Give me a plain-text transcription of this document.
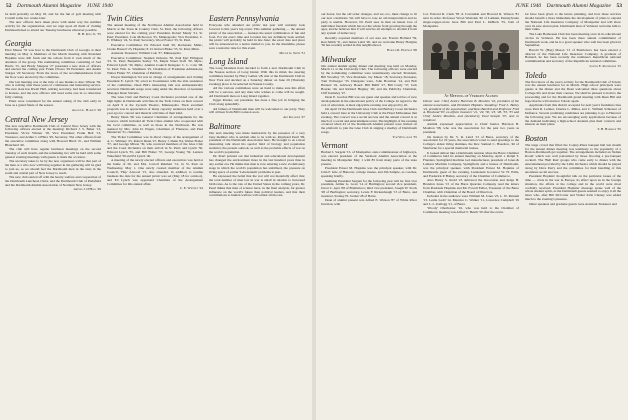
52 Dartmouth Alumni Magazine JUNE 1940

be held probably on May 18, and for the fun of golf meeting with Cornell some two weeks later.

The new officers have taken place with under way the summer activity for the organization, and we urge upon all them of visiting Dartmouth men to attend our Tuesday luncheons wherever possible.

H. B. King Jr. '35

Georgia

Eliot Mason '32 was host to the Dartmouth Club of Georgia at their meeting on May 4. Members of the March meeting with President Hopkins were still fresh and the echoes from it took much of the attention of the group. The nominating committee consisting of Joel Harris '15, and Brady Sturgess '27 presented a new slate of officers and elected the coming year Frank O'Gara '29 President, and Austin Sturges '29 Secretary. From the doors of the recommendations from the floor were elected by the committee.

Our last meeting was at the twin of one thanks to Alec Wilson '39, who is retiring after these years of continuous and interesting service. The new slate has Dwell Hall, retiring secretary, had been transferred to Kansas, and the new officers will need some one in so otherwise fully coming.

Plans were considered for the annual outing of the club early in June as a grand finale of the season.

Allison L. Harrett '29

Central New Jersey

The new executive Dartmouth Club of Central New Jersey with the following officers elected at the meeting: Richard J. S. Baker '13, President; Victor Winner '18, Vice President; Frank Bell '13, Treasurer, and Arthur J. O'Hara '29, Secretary. The other officers from the executive committee along with Howard Hitch '21, and William Blanchard '40.

The club will have regular luncheon meetings on the second Tuesday of each month, and the remaining two will be held with some general evening meetings with guests to mark the occasion.

The secretary takes to be by the new organizers will be that part of the men or a who now will bring together in the gathering will be glad to join us, as we should feel the Dartmouth men in the state in the south and central part of New Jersey to reach.

The new club started off with the hearty welfare and cooperation of the Dartmouth Luncheon Clubs, and the Dartmouth Club of Plainfield and the Dartmouth Alumni Association of Northern New Jersey.

Arthur J. O'Hara '29

Twin Cities

The annual meeting of the Northwest Alumni Association held in March at the Town & Country Club, St. Paul, the following officers were elected for the coming year: President, Robert Mealy '21, St. Paul; President, Cole McKeown '25, Minneapolis; Vice President, C. E. Whitney '24, St. Paul; Secretary, Wood Foster '33, St. Paul.

Executive Committee: Dr. Edward Judd '20, Rochester, Minn.; Clarke Bassett '25, Hopkins; E. D. Robert Bloke '35, St. Paul, Minn.

Assistant Treasurer: William Cole '37, Minneapolis.

Executive Committee: Stephen Osborne '30, Paul Earl Ellingson '23, St. Paul; Benjamin Seeley '33, Maple Street Staff '30, Mpls.; Edward Lynch '30, Mpls.; Alumni Council Delegate: C. L. Cole '08, St. Paul; Wm. G. Washburn '25, Chairman of Freshman Admissions; Walter Fisher '37, Chairman of Publicity.

Dwyer Remington '04 was in charge of arrangements and visiting President E. Lynch '30, acted as Toastmaster with the able assistance of the committee. Dean Bill's interesting talk was enthusiastically received. Dartmouth songs were sung under the direction of Assistant Manager Dean Stevens.

The Glee Club and Barbary Coast Orchestra provided one of the high lights in Dartmouth activities in the Twin Cities on their concert on April 9 at the Lyceum Theatre, Minneapolis. Their excellent program was in appreciation of many capacity audiences held over a year ago for concert and musical activities of their kind.

Henry Dunn '06 was General Chairman of arrangements for the Concert, which included all Twin Cities alumni who cooperated with the local committee, as well as those in the Northwest. He was assisted by Mrs. John D. Engen, Chairman of Finances, and Paul Dunnavan '31, chairman.

The Ticket Committee was in direct charge of the arrangement of A. C. Whitney '25, Robert Dunn '27, Henry J. Dunn '04, Walter Fisher '37, and George Mixon '39, who received members of the Glee Club and the Coast Orchestra on their arrival in St. Paul; and Lynch '30, Edward Lynch '35, and Bill Fisher '37, George Young '39, Lennox Wakefield '39 and Ed Lynch '40.

A meeting of the newly elected officers and executives was held at the home of Dr. and Mrs. Carroll Reinhart '12, in St. Paul on Wednesday, May 1. One newly created member of the Alumni Council, 'Hap' Atwood '15, also attended. In addition to routine business the date for the annual picnic was set (May 18 for outdoor), and Ed Lynch was appointed Chairman of the Arrangement Committee for this annual affair.

C. E. Whitney '24

Eastern Pennsylvania

Everyone who attended our picnic last year will certainly look forward to this year's big event. This summer gathering — the annual picnic of the association — features the usual combination of fun and food. For the exact time and location has not definitely been settled; the picnic will probably be held in late June; the exact date and place will be announced in a notice mailed to you. In the meantime, please save a tentative date for this event.

Melvin G. Smith '31

Long Island

The Long Islanders have decided to form a new Dartmouth Club in the Nassau section of Long Island. With this in mind, the steering committee headed by Harry Gallen '28, met at the Dartmouth Club in New York and decided on a Saturday dinner on June 29 (Thursday evening) place to be selected in Nassau County.

All the various committees were on hand to make sure this affair will be a success, and any man who wishes to come will be sought. All Dartmouth men on Long Island together.

Jigger Pender, our president, has done a fine job in bringing the Club along splendidly.

All fathers of Dartmouth men will be welcomed to our party. They will all hear from Bill Cookson soon.

Art Kelleher '27

Baltimore

Our next meeting was made memorable by the presence of a very busy member who is seldom able to be with us, Raymond Pearl '99, president of the Dartmouth Association here. He brought to us a most interesting talk about his special field of biology and population statistics; the present outlook, as well as the probable effects of war on the world's population.

Dr. Pearl pointed out that industrial and educational development has changed the environment more in the last hundred years than in any earlier era. He thinks that man is now entering a new evolutionary stage in which the world's population has stabilized, the pressure on living space of earlier 'Lebensraum' problems is past.

He expressed the belief that the war will not materially affect this; the total number of men lost in war is small in relation to increased birth rates. As to the role of the United States in the coming years, Dr. Pearl thinks that men of science have, in the final analysis, far greater influence on the world's future than political leaders, and that their contributions to human welfare will outlast all the rest.

JUNE 1940 Dartmouth Alumni Magazine 53

our honor, but the old order changes, and we, too, must change to fit our new conditions. We will have to lose an old interpretation and no party is unable. However, Dr. Pearl sees in man an innate love of individual freedom which has not the whole from growing through the ages, and he believes that it will survive all attempts to abolish it from any system of democracy.

Recently acquired members of our area are: Francis Holland '39, Ken Smith '31, and James Laird '20, and we welcome Henry Hodgins '36 has recently settled in this neighborhood.

Harold R. Hartman '06

Milwaukee

Our annual alumni spring dinner and meeting was held on Monday, March 11 at the University Club. The following officers were elected by the nominating committee were unanimously elected: President, Bill Woodley '37, Vice President, Jay Mazer '18; Secretary-Treasurer, Tom Wollaeger '35. Delegates were, John Bowman '14, and Bob Hackett '22, Advisory Board: Bill Ballif '27, Bill Conly '37, Jack Boerke '40, and Richard Hughey '20; and the Publicity Chairman, Cliff Kemsley '27.

Dean E. Gordon Bill was our guest and speaker and told us of new developments in the educational policy of the College. In regard to the cost of education. A most enjoyable evening was enjoyed by all.

On April 19 the Dartmouth Glee Club and Barbary Coast Orchestra held a concert here at the University Club at the Hotel Milwaukee that evening. The concert was a social success and the annual concert is as much of a social and entertainment event. The highlight of the evening occurred when 43 of the Dartmouth Alumni present were invited on the platform to join the Glee Club in singing a medley of Dartmouth songs.

Tom Wollaeger '35

Vermont

Herbert I. Sargent '15, of Montpelier, state commissioner of highways, was elected president of the Vermont Alumni Association at the meeting in Montpelier May 1 with 85 from many parts of the state present.

President Ernest M. Hopkins was the principal speaker, with Dr. John F. Gile of Hanover, college trustee, and Jim Sample, as coaches, speaking briefly.

Sumning President Sargent for the following year will be: first vice president, Arthur G. Gove '14 of Burlington; second vice president, Oscar C. Ayer '08 of Brattleboro; third vice president, Joseph W. Stock '28 of Burlington; secretary, Lewis F. Rickenbaugh '15 of Barre, and treasurer, Stanley H. Jordan '28 of Barre.

Dean of alumni present was Alfred E. Watson '87 of White River Junction, with

Col. Edward R. Clark '83 of Cavendish and Howard R. Watson '81 next in order. Professor Wood Wasiolek '40 of Lanham, Pennsylvania singer-rapper-wrote Glee Bill and Paul L. DeBeck '35, both of Montpelier.

At Meeting of Vermont Alumni

Dinner was: Chief Justice Harrison B. Moulton '16, president of the alumni association, and President Hopkins. Standing: Fred L. Bailey '24, president of the association; and Ross Bartlett and Professor Fred A. Howland '87, ex-officio treasurer '21, '29, '30, '23, '28, '33, '35 and Chief Justice Moulton, and (members); Paul Semple '07, next in residence

Alumni expressed appreciation to Chief Justice Harrison B. Moulton '98, who was the association for the past two years as president.

On motion by Dr. S. R. Laird '13 of Barre, secretary of the association for 19 years, the association voted to send greetings to the College's eldest living alumnus, the Rev. Samuel C. Haselton, '46 of Sherburne for a special memorial trustee.

It looked almost like a Dartmouth reunion when the Barre Chamber of Commerce held its annual meeting on Monday, April 1. Ralph T. Flanders, Springfield machine tool manufacturer, president of Jones & Lamson Machine Company, Springfield, and a trustee of Dartmouth, was the principal speaker, with President Ernest M. Hopkins of Dartmouth, guest of the evening, Lieutenant Governor W. H. Wills, and Frederick P. Bailey, secretary of the Chamber of Commerce.

Also Henry S. Rodd '23 delivered the invocation and Judge H. Brandon Jones '15 of the Barre Quarries Company read the letters from President Hopkins and Mr. Fowell Ealler, Treasurer of the Barre Chamber, with Chairman of the Board of Directors.

Included in the audience were William M. Jones '23, L. W. Putnam '13, Leslie Ladd '14, Maurice C. Walker '11, Lawrence Campbell '19 and L. L. Kellogg '21, of Barre.

'Woody' Oberholzer '16, who was held to the Chamber of Commerce meeting was Alfred T. Heath '30 after the event.

far have been given to the future planning, and how these services should benefit a more immediate the development of plans to expand the National Life Insurance Company of Montpelier and will show over its new eleven plan. Dartmouth men of Vermont welcome him to their ranks.

The Lake Bomoseen Club has been meeting once in its educational circles in Vermont. He has been there annual commitment of Dartmouth work, and he is a great speaker who well has been given in September.

Harold W. (Hap) Mason '13 of Brattleboro has been elected a director of the National Life Insurance Company. A graduate of Barnard, he has been recently the nominee's Republican national committeeman and secretary of the Republican national committee.

Luster E. Rademaker '15

Toledo

The first move of the year's activity for the Dartmouth Club of Toledo was the annual luncheon for in March. High school principals were guests at the dinner and the Dean welcomed three questions about College life and about their courses. We shall be pleased to hold to the proceeding and for the Dartmouth grand meeting with Dean Bill and hope that he will return to Toledo again.

Applicants from this district accepted for next year's freshman class were Paul R. Leitner, Charles L. Miller, and C. William Schlesser of Defiance. Several promising candidates are planning to go to Hanover the following year. We are encouraging early applications because of the demand indicating a high-school students plus their contacts and interest on their plans.

T. H. Harrison '35

Boston

The large crowd that filled the Copley-Plaza banquet hall last month for the annual dinner meeting was testimony to the popularity of a Boston-Dartmouth get together. The arrangements included an 'Indian Room' which was well patronized by those favoring a pre-banquet cocktail. The 'Bull Run' groups who came early to dinner with the entertainment provided by the Little Orchestra which should be played along by Dave Perry and the committee for their handling of this enormous social success.

President Hopkins' thoughtful talk on the particular issues of the time — crisis in the war in Europe, its effect upon us in the foreign situation, the affairs at the college and in the world were most cordially received. President Hopkins' message spoke well of the whole student spirit, as the Dartmouth guests seemed to enjoy it all the more who, after Bill McCarter and Walter Irvin Cheney was added much to the evening's pleasure.

Other speakers and graduate guests were Assistant Treasurer and
